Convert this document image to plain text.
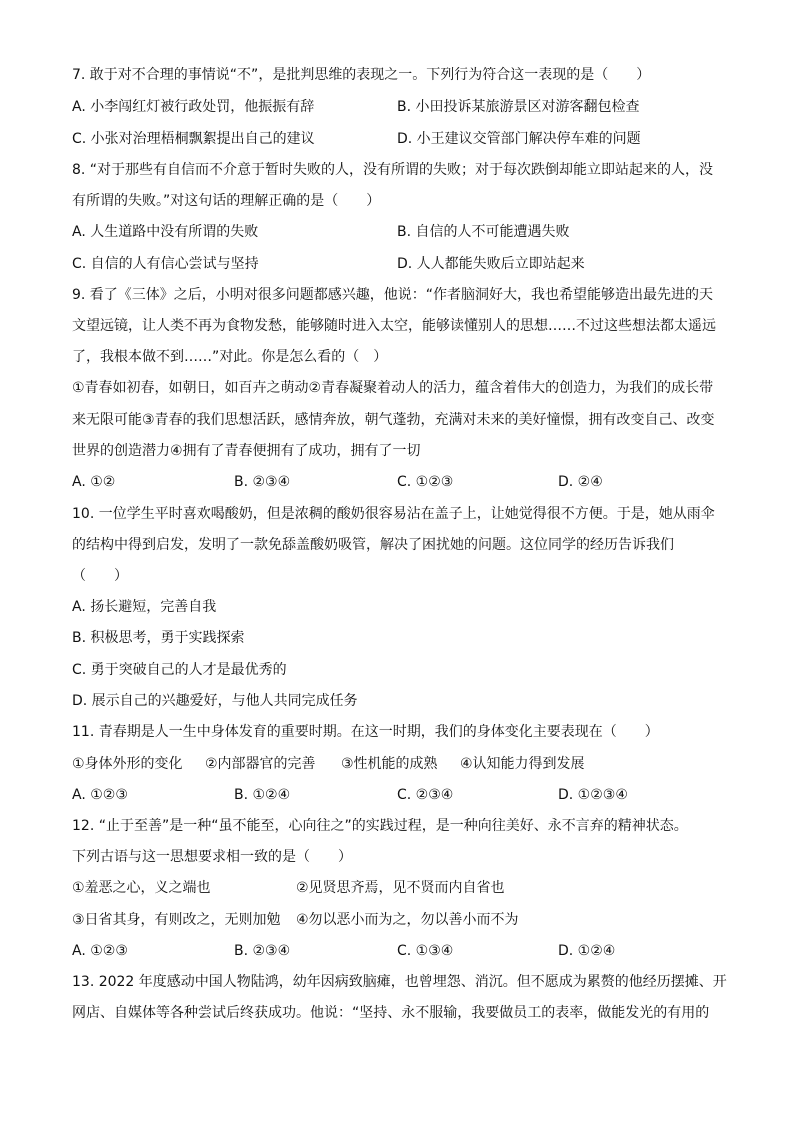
7. 敢于对不合理的事情说“不”，是批判思维的表现之一。下列行为符合这一表现的是（　　）
A. 小李闯红灯被行政处罚，他振振有辞	B. 小田投诉某旅游景区对游客翻包检查
C. 小张对治理梧桐飘絮提出自己的建议	D. 小王建议交管部门解决停车难的问题
8. “对于那些有自信而不介意于暂时失败的人，没有所谓的失败；对于每次跌倒却能立即站起来的人，没
有所谓的失败。”对这句话的理解正确的是（　　）
A. 人生道路中没有所谓的失败	B. 自信的人不可能遭遇失败
C. 自信的人有信心尝试与坚持	D. 人人都能失败后立即站起来
9. 看了《三体》之后，小明对很多问题都感兴趣，他说：“作者脑洞好大，我也希望能够造出最先进的天
文望远镜，让人类不再为食物发愁，能够随时进入太空，能够读懂别人的思想……不过这些想法都太遥远
了，我根本做不到……”对此。你是怎么看的（　）
①青春如初春，如朝日，如百卉之萌动②青春凝聚着动人的活力，蕴含着伟大的创造力，为我们的成长带
来无限可能③青春的我们思想活跃，感情奔放，朝气蓬勃，充满对未来的美好憧憬，拥有改变自己、改变
世界的创造潜力④拥有了青春便拥有了成功，拥有了一切
A. ①②	B. ②③④	C. ①②③	D. ②④
10. 一位学生平时喜欢喝酸奶，但是浓稠的酸奶很容易沾在盖子上，让她觉得很不方便。于是，她从雨伞
的结构中得到启发，发明了一款免舔盖酸奶吸管，解决了困扰她的问题。这位同学的经历告诉我们
（　　）
A. 扬长避短，完善自我
B. 积极思考，勇于实践探索
C. 勇于突破自己的人才是最优秀的
D. 展示自己的兴趣爱好，与他人共同完成任务
11. 青春期是人一生中身体发育的重要时期。在这一时期，我们的身体变化主要表现在（　　）
①身体外形的变化 ②内部器官的完善 ③性机能的成熟 ④认知能力得到发展
A. ①②③	B. ①②④	C. ②③④	D. ①②③④
12. “止于至善”是一种“虽不能至，心向往之”的实践过程，是一种向往美好、永不言弃的精神状态。
下列古语与这一思想要求相一致的是（　　）
①羞恶之心，义之端也	②见贤思齐焉，见不贤而内自省也
③日省其身，有则改之，无则加勉 ④勿以恶小而为之，勿以善小而不为
A. ①②③	B. ②③④	C. ①③④	D. ①②④
13. 2022 年度感动中国人物陆鸿，幼年因病致脑瘫，也曾埋怨、消沉。但不愿成为累赘的他经历摆摊、开
网店、自媒体等各种尝试后终获成功。他说：“坚持、永不服输，我要做员工的表率，做能发光的有用的
